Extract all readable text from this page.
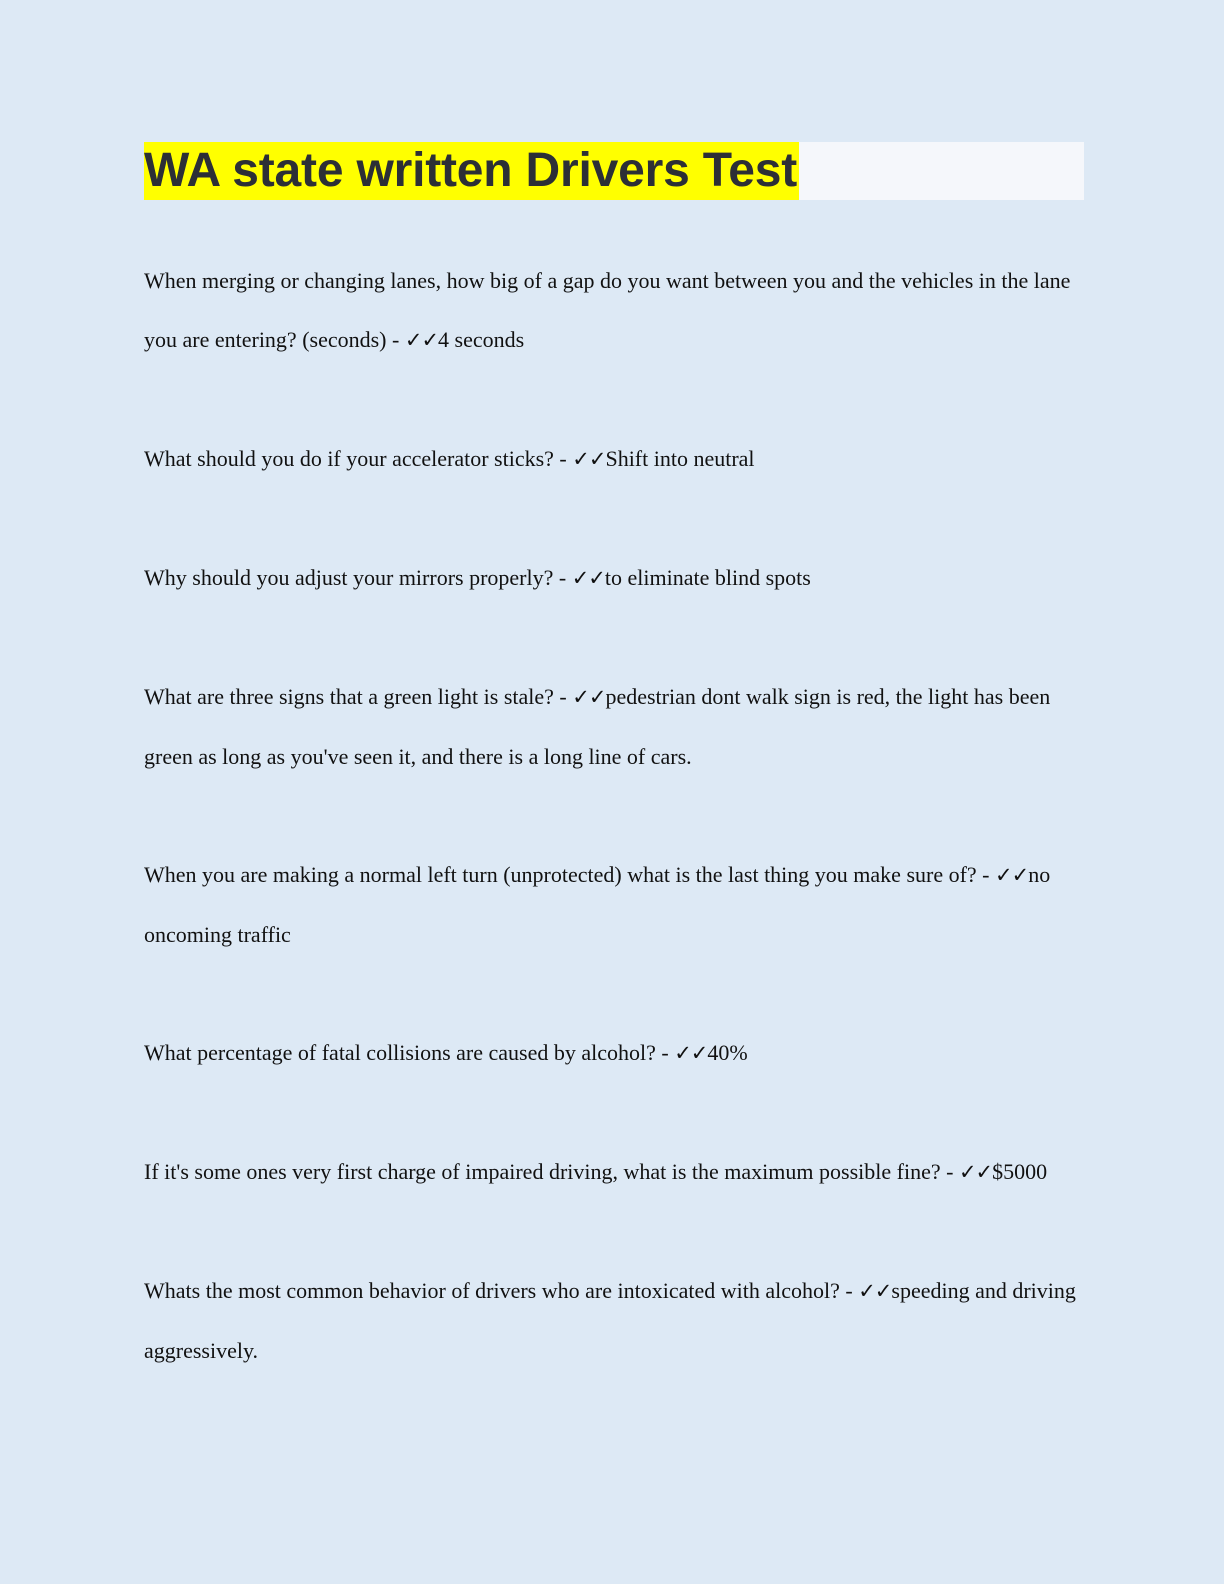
WA state written Drivers Test

When merging or changing lanes, how big of a gap do you want between you and the vehicles in the lane you are entering? (seconds) - ✓✓4 seconds

What should you do if your accelerator sticks? - ✓✓Shift into neutral

Why should you adjust your mirrors properly? - ✓✓to eliminate blind spots

What are three signs that a green light is stale? - ✓✓pedestrian dont walk sign is red, the light has been green as long as you've seen it, and there is a long line of cars.

When you are making a normal left turn (unprotected) what is the last thing you make sure of? - ✓✓no oncoming traffic

What percentage of fatal collisions are caused by alcohol? - ✓✓40%

If it's some ones very first charge of impaired driving, what is the maximum possible fine? - ✓✓$5000

Whats the most common behavior of drivers who are intoxicated with alcohol? - ✓✓speeding and driving aggressively.
